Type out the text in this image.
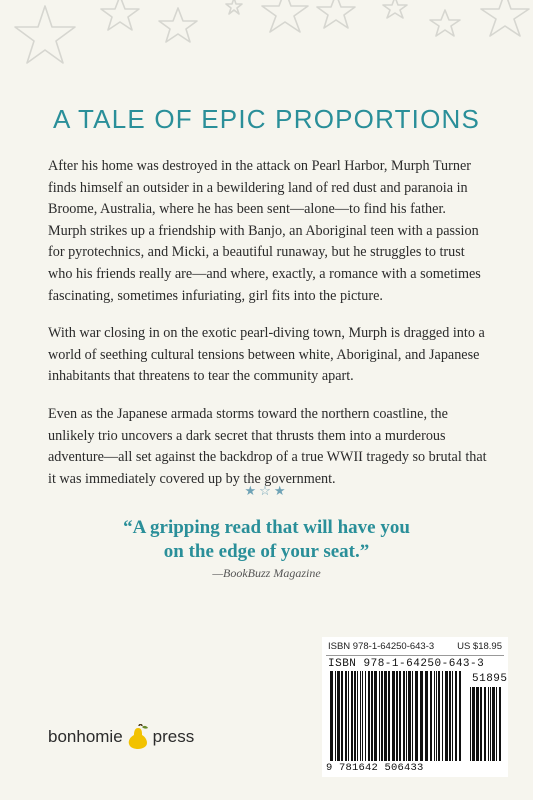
A TALE OF EPIC PROPORTIONS

After his home was destroyed in the attack on Pearl Harbor, Murph Turner finds himself an outsider in a bewildering land of red dust and paranoia in Broome, Australia, where he has been sent—alone—to find his father. Murph strikes up a friendship with Banjo, an Aboriginal teen with a passion for pyrotechnics, and Micki, a beautiful runaway, but he struggles to trust who his friends really are—and where, exactly, a romance with a sometimes fascinating, sometimes infuriating, girl fits into the picture.

With war closing in on the exotic pearl-diving town, Murph is dragged into a world of seething cultural tensions between white, Aboriginal, and Japanese inhabitants that threatens to tear the community apart.

Even as the Japanese armada storms toward the northern coastline, the unlikely trio uncovers a dark secret that thrusts them into a murderous adventure—all set against the backdrop of a true WWII tragedy so brutal that it was immediately covered up by the government.

★☆★
“A gripping read that will have you
on the edge of your seat.”
—BookBuzz Magazine
bonhomie press
ISBN 978-1-64250-643-3 US $18.95
ISBN 978-1-64250-643-3
51895
9 781642 506433
